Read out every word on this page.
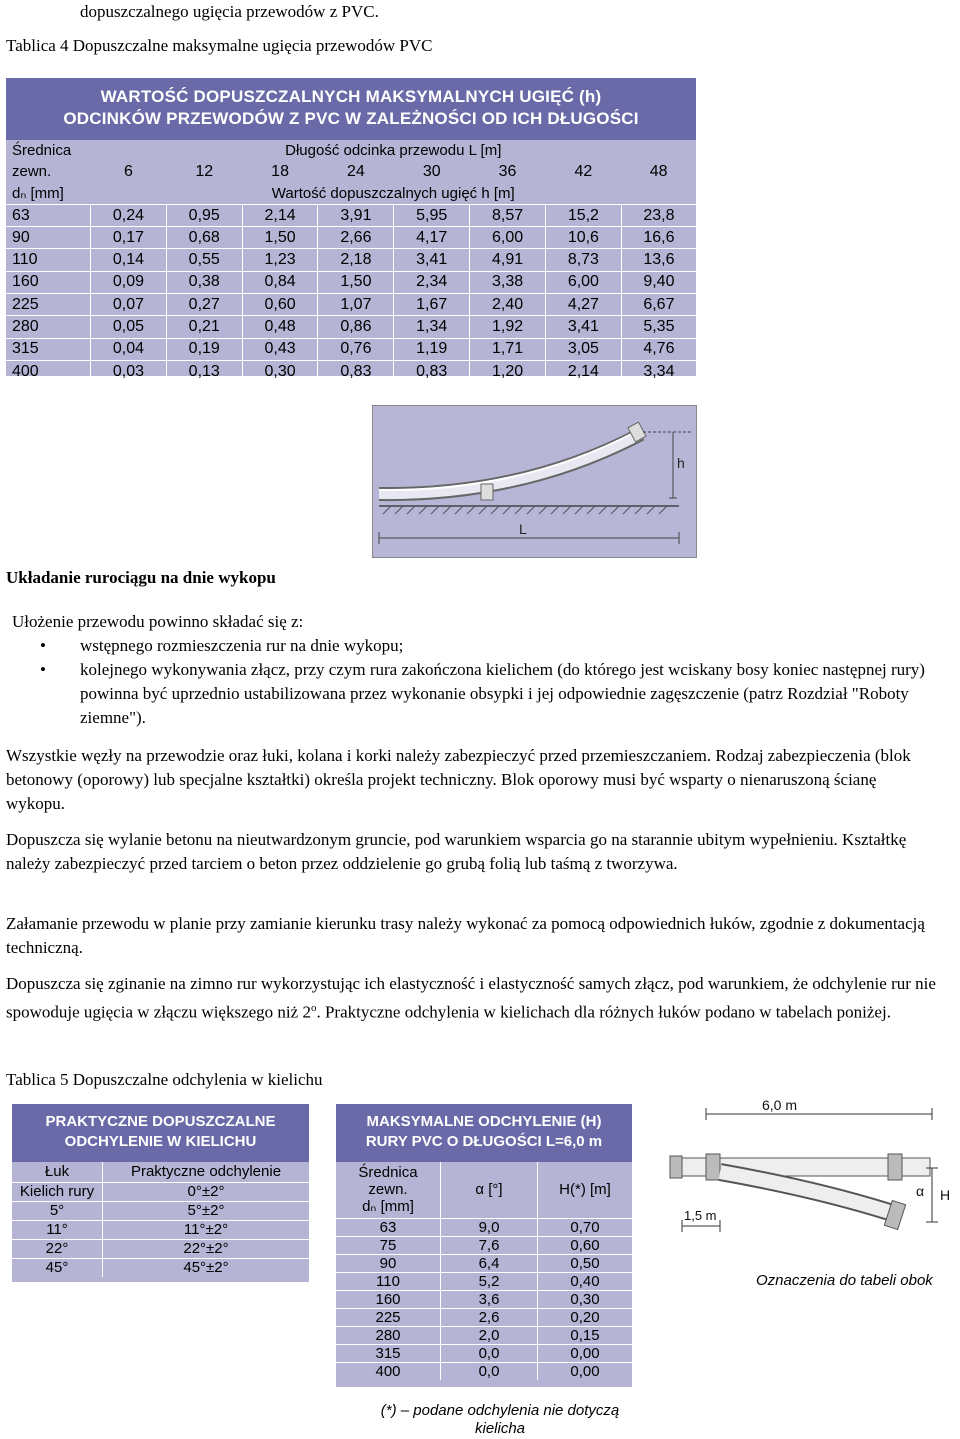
dopuszczalnego ugięcia przewodów z PVC.
Tablica 4 Dopuszczalne maksymalne ugięcia przewodów PVC
WARTOŚĆ DOPUSZCZALNYCH MAKSYMALNYCH UGIĘĆ (h)
ODCINKÓW PRZEWODÓW Z PVC W ZALEŻNOŚCI OD ICH DŁUGOŚCI
Średnica	Długość odcinka przewodu L [m]							
zewn.	6	12	18	24	30	36	42	48
dₙ [mm]	Wartość dopuszczalnych ugięć h [m]							
63	0,24	0,95	2,14	3,91	5,95	8,57	15,2	23,8
90	0,17	0,68	1,50	2,66	4,17	6,00	10,6	16,6
110	0,14	0,55	1,23	2,18	3,41	4,91	8,73	13,6
160	0,09	0,38	0,84	1,50	2,34	3,38	6,00	9,40
225	0,07	0,27	0,60	1,07	1,67	2,40	4,27	6,67
280	0,05	0,21	0,48	0,86	1,34	1,92	3,41	5,35
315	0,04	0,19	0,43	0,76	1,19	1,71	3,05	4,76
400	0,03	0,13	0,30	0,83	0,83	1,20	2,14	3,34
h
L
Układanie rurociągu na dnie wykopu
Ułożenie przewodu powinno składać się z:
• wstępnego rozmieszczenia rur na dnie wykopu;
• kolejnego wykonywania złącz, przy czym rura zakończona kielichem (do którego jest wciskany bosy koniec następnej rury) powinna być uprzednio ustabilizowana przez wykonanie obsypki i jej odpowiednie zagęszczenie (patrz Rozdział "Roboty ziemne").
Wszystkie węzły na przewodzie oraz łuki, kolana i korki należy zabezpieczyć przed przemieszczaniem. Rodzaj zabezpieczenia (blok betonowy (oporowy) lub specjalne kształtki) określa projekt techniczny. Blok oporowy musi być wsparty o nienaruszoną ścianę wykopu.
Dopuszcza się wylanie betonu na nieutwardzonym gruncie, pod warunkiem wsparcia go na starannie ubitym wypełnieniu. Kształtkę należy zabezpieczyć przed tarciem o beton przez oddzielenie go grubą folią lub taśmą z tworzywa.
Załamanie przewodu w planie przy zamianie kierunku trasy należy wykonać za pomocą odpowiednich łuków, zgodnie z dokumentacją techniczną.
Dopuszcza się zginanie na zimno rur wykorzystując ich elastyczność i elastyczność samych złącz, pod warunkiem, że odchylenie rur nie spowoduje ugięcia w złączu większego niż 2$^o$. Praktyczne odchylenia w kielichach dla różnych łuków podano w tabelach poniżej.
Tablica 5 Dopuszczalne odchylenia w kielichu
PRAKTYCZNE DOPUSZCZALNE
ODCHYLENIE W KIELICHU
Łuk	Praktyczne odchylenie
Kielich rury	0°±2°
5°	5°±2°
11°	11°±2°
22°	22°±2°
45°	45°±2°
MAKSYMALNE ODCHYLENIE (H)
RURY PVC O DŁUGOŚCI L=6,0 m
Średnica
zewn.
dₙ [mm]	α [°]	H(*) [m]
63	9,0	0,70
75	7,6	0,60
90	6,4	0,50
110	5,2	0,40
160	3,6	0,30
225	2,6	0,20
280	2,0	0,15
315	0,0	0,00
400	0,0	0,00
(*) – podane odchylenia nie dotyczą
kielicha
6,0 m
H
α
1,5 m
Oznaczenia do tabeli obok
